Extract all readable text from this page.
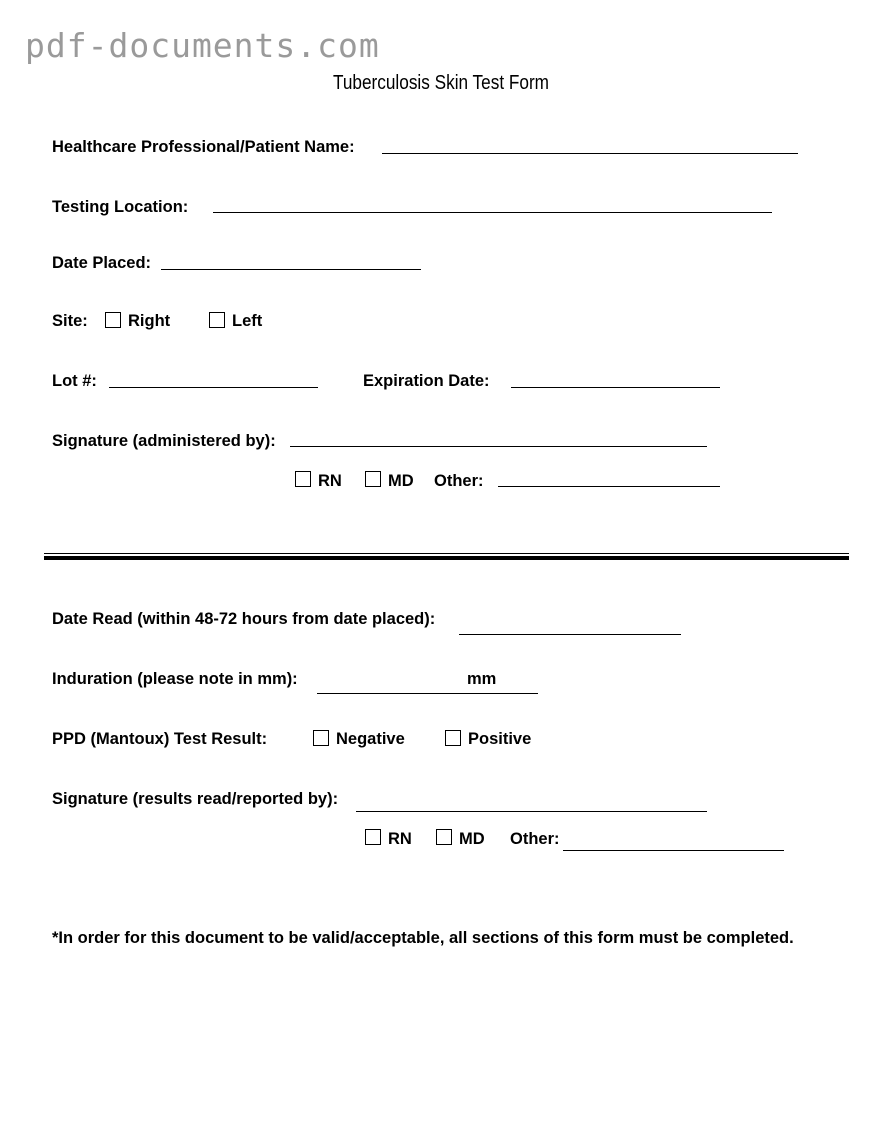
pdf-documents.com
Tuberculosis Skin Test Form
Healthcare Professional/Patient Name:
Testing Location:
Date Placed:
Site: Right	Left
Lot #:	Expiration Date:
Signature (administered by):
RN	MD Other:
Date Read (within 48-72 hours from date placed):
Induration (please note in mm):	mm
PPD (Mantoux) Test Result:	Negative	Positive
Signature (results read/reported by):
RN	MD Other:
*In order for this document to be valid/acceptable, all sections of this form must be completed.
